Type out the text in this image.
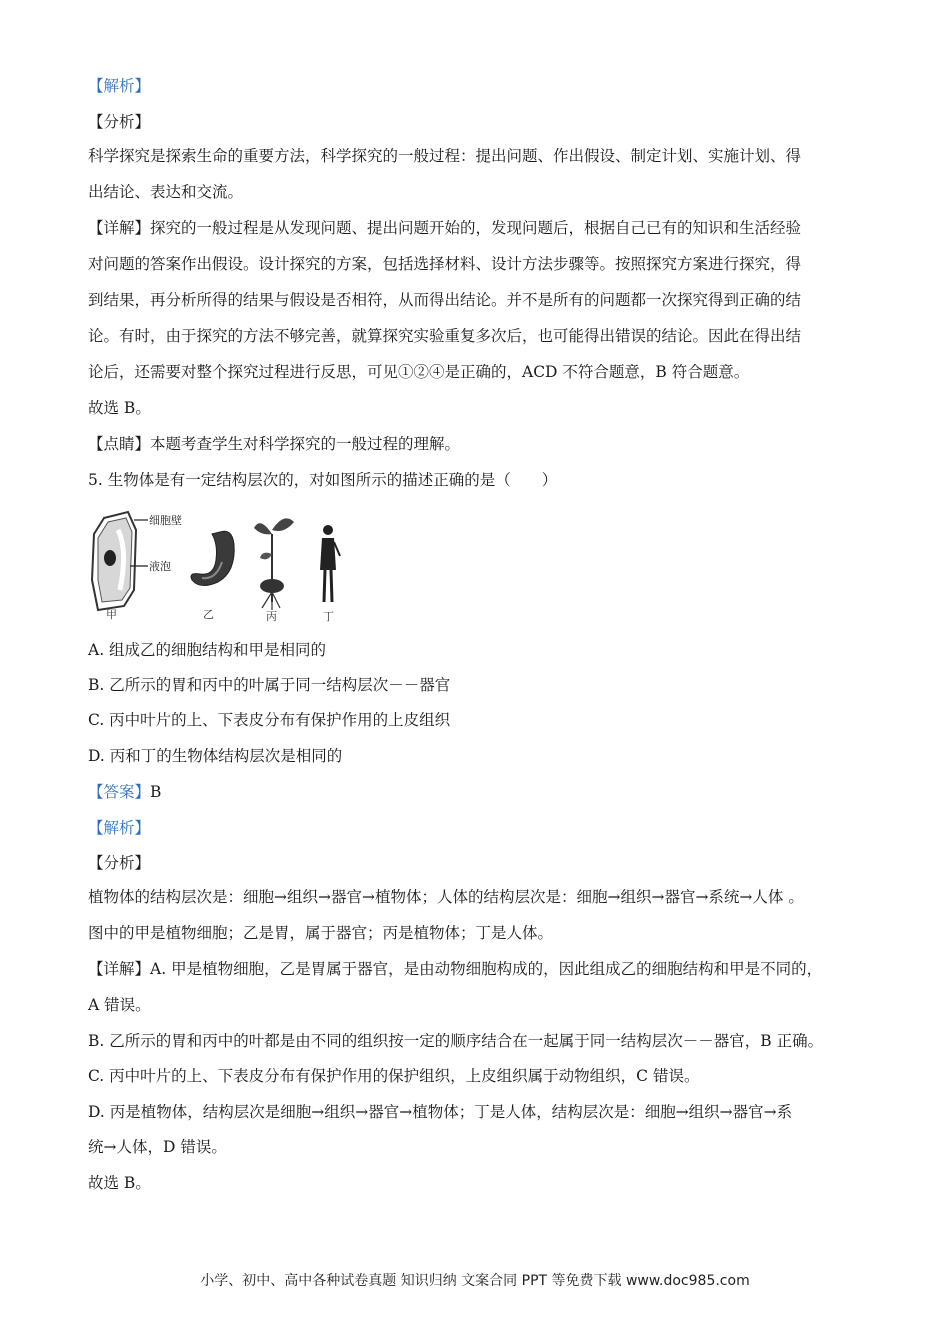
【解析】
【分析】
科学探究是探索生命的重要方法，科学探究的一般过程：提出问题、作出假设、制定计划、实施计划、得
出结论、表达和交流。
【详解】探究的一般过程是从发现问题、提出问题开始的，发现问题后，根据自己已有的知识和生活经验
对问题的答案作出假设。设计探究的方案，包括选择材料、设计方法步骤等。按照探究方案进行探究，得
到结果，再分析所得的结果与假设是否相符，从而得出结论。并不是所有的问题都一次探究得到正确的结
论。有时，由于探究的方法不够完善，就算探究实验重复多次后，也可能得出错误的结论。因此在得出结
论后，还需要对整个探究过程进行反思，可见①②④是正确的，ACD 不符合题意，B 符合题意。
故选 B。
【点睛】本题考查学生对科学探究的一般过程的理解。
5. 生物体是有一定结构层次的，对如图所示的描述正确的是（　　）
A. 组成乙的细胞结构和甲是相同的
B. 乙所示的胃和丙中的叶属于同一结构层次－－器官
C. 丙中叶片的上、下表皮分布有保护作用的上皮组织
D. 丙和丁的生物体结构层次是相同的
【答案】B
【解析】
【分析】
植物体的结构层次是：细胞→组织→器官→植物体；人体的结构层次是：细胞→组织→器官→系统→人体 。
图中的甲是植物细胞；乙是胃，属于器官；丙是植物体；丁是人体。
【详解】A. 甲是植物细胞，乙是胃属于器官，是由动物细胞构成的，因此组成乙的细胞结构和甲是不同的，
A 错误。
B. 乙所示的胃和丙中的叶都是由不同的组织按一定的顺序结合在一起属于同一结构层次－－器官，B 正确。
C. 丙中叶片的上、下表皮分布有保护作用的保护组织，上皮组织属于动物组织，C 错误。
D. 丙是植物体，结构层次是细胞→组织→器官→植物体；丁是人体，结构层次是：细胞→组织→器官→系
统→人体，D 错误。
故选 B。
细胞壁
液泡
甲	乙	丙	丁
小学、初中、高中各种试卷真题 知识归纳 文案合同 PPT 等免费下载 www.doc985.com
